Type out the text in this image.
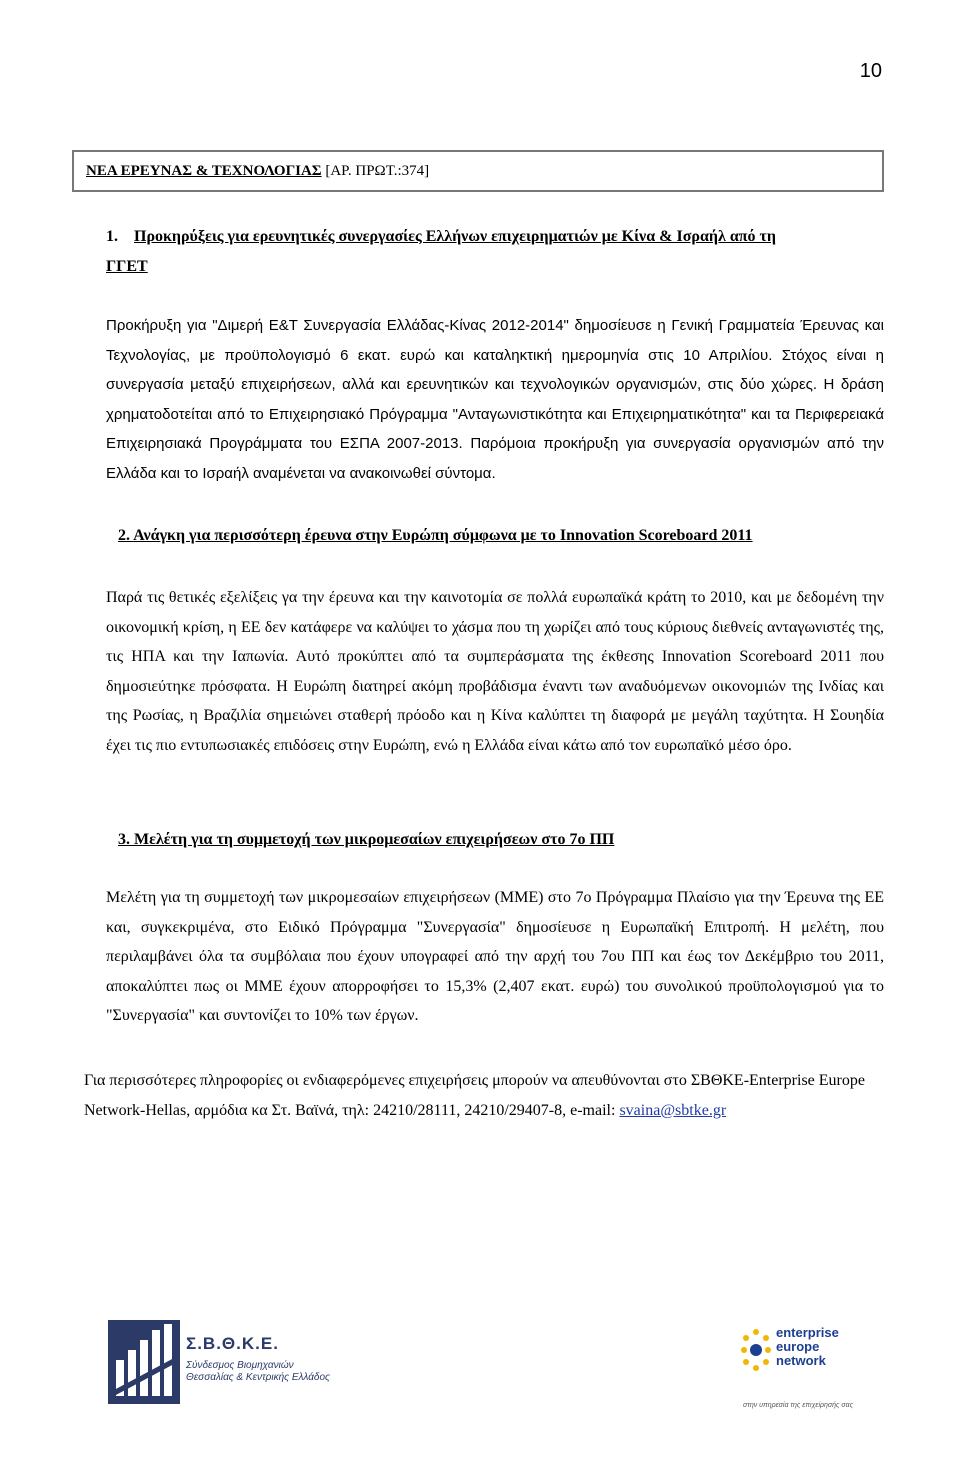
10
ΝΕΑ ΕΡΕΥΝΑΣ & ΤΕΧΝΟΛΟΓΙΑΣ [ΑΡ. ΠΡΩΤ.:374]
1. Προκηρύξεις για ερευνητικές συνεργασίες Ελλήνων επιχειρηματιών με Κίνα & Ισραήλ από τη
ΓΓΕΤ
Προκήρυξη για "Διμερή Ε&Τ Συνεργασία Ελλάδας-Κίνας 2012-2014" δημοσίευσε η Γενική Γραμματεία Έρευνας και Τεχνολογίας, με προϋπολογισμό 6 εκατ. ευρώ και καταληκτική ημερομηνία στις 10 Απριλίου. Στόχος είναι η συνεργασία μεταξύ επιχειρήσεων, αλλά και ερευνητικών και τεχνολογικών οργανισμών, στις δύο χώρες. Η δράση χρηματοδοτείται από το Επιχειρησιακό Πρόγραμμα "Ανταγωνιστικότητα και Επιχειρηματικότητα" και τα Περιφερειακά Επιχειρησιακά Προγράμματα του ΕΣΠΑ 2007-2013. Παρόμοια προκήρυξη για συνεργασία οργανισμών από την Ελλάδα και το Ισραήλ αναμένεται να ανακοινωθεί σύντομα.
2. Ανάγκη για περισσότερη έρευνα στην Ευρώπη σύμφωνα με το Innovation Scoreboard 2011
Παρά τις θετικές εξελίξεις γα την έρευνα και την καινοτομία σε πολλά ευρωπαϊκά κράτη το 2010, και με δεδομένη την οικονομική κρίση, η ΕΕ δεν κατάφερε να καλύψει το χάσμα που τη χωρίζει από τους κύριους διεθνείς ανταγωνιστές της, τις ΗΠΑ και την Ιαπωνία. Αυτό προκύπτει από τα συμπεράσματα της έκθεσης Innovation Scoreboard 2011 που δημοσιεύτηκε πρόσφατα. Η Ευρώπη διατηρεί ακόμη προβάδισμα έναντι των αναδυόμενων οικονομιών της Ινδίας και της Ρωσίας, η Βραζιλία σημειώνει σταθερή πρόοδο και η Κίνα καλύπτει τη διαφορά με μεγάλη ταχύτητα. Η Σουηδία έχει τις πιο εντυπωσιακές επιδόσεις στην Ευρώπη, ενώ η Ελλάδα είναι κάτω από τον ευρωπαϊκό μέσο όρο.
3. Μελέτη για τη συμμετοχή των μικρομεσαίων επιχειρήσεων στο 7ο ΠΠ
Μελέτη για τη συμμετοχή των μικρομεσαίων επιχειρήσεων (ΜΜΕ) στο 7ο Πρόγραμμα Πλαίσιο για την Έρευνα της ΕΕ και, συγκεκριμένα, στο Ειδικό Πρόγραμμα "Συνεργασία" δημοσίευσε η Ευρωπαϊκή Επιτροπή. Η μελέτη, που περιλαμβάνει όλα τα συμβόλαια που έχουν υπογραφεί από την αρχή του 7ου ΠΠ και έως τον Δεκέμβριο του 2011, αποκαλύπτει πως οι ΜΜΕ έχουν απορροφήσει το 15,3% (2,407 εκατ. ευρώ) του συνολικού προϋπολογισμού για το "Συνεργασία" και συντονίζει το 10% των έργων.
Για περισσότερες πληροφορίες οι ενδιαφερόμενες επιχειρήσεις μπορούν να απευθύνονται στο ΣΒΘΚΕ-Enterprise Europe Network-Hellas, αρμόδια κα Στ. Βαϊνά, τηλ: 24210/28111, 24210/29407-8, e-mail: svaina@sbtke.gr
Σ.Β.Θ.Κ.Ε.
Σύνδεσμος Βιομηχανιών Θεσσαλίας & Κεντρικής Ελλάδος
enterprise
europe
network
στην υπηρεσία της επιχείρησής σας
